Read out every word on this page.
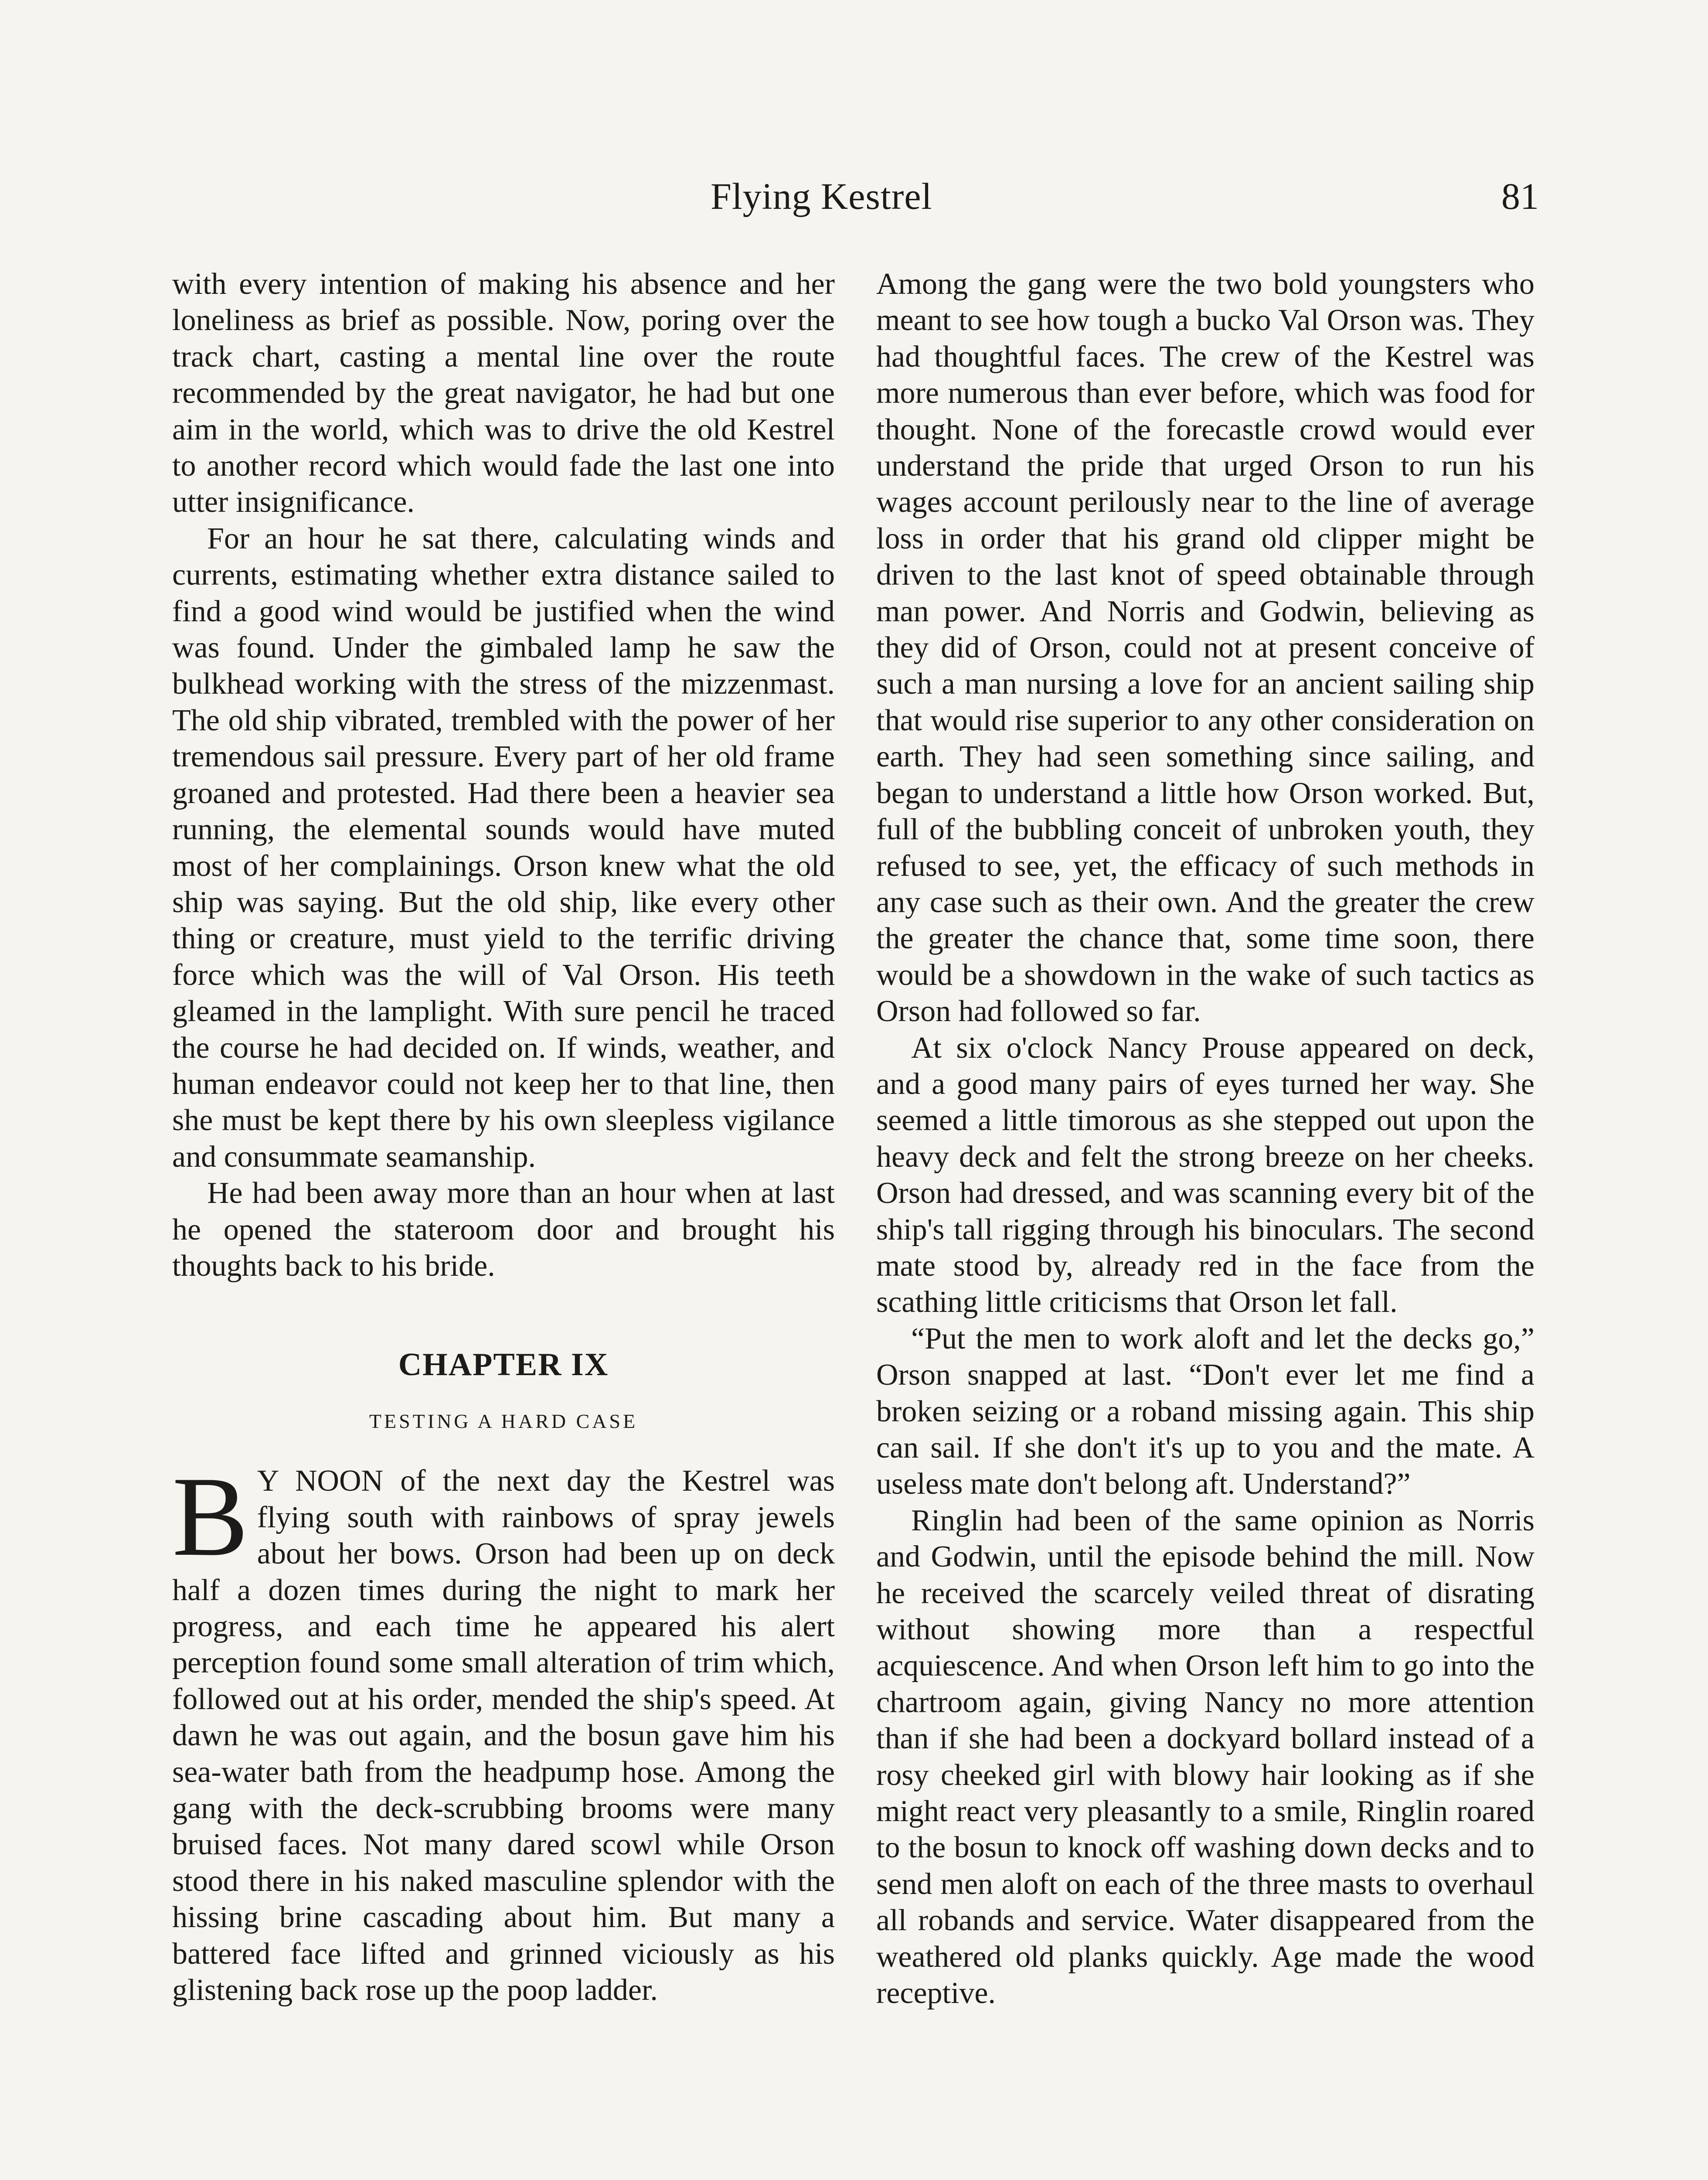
Flying Kestrel	81

with every intention of making his absence and her loneliness as brief as possible. Now, poring over the track chart, casting a mental line over the route recommended by the great navigator, he had but one aim in the world, which was to drive the old Kestrel to another record which would fade the last one into utter insignificance.

For an hour he sat there, calculating winds and currents, estimating whether extra distance sailed to find a good wind would be justified when the wind was found. Under the gimbaled lamp he saw the bulkhead working with the stress of the mizzenmast. The old ship vibrated, trembled with the power of her tremendous sail pressure. Every part of her old frame groaned and protested. Had there been a heavier sea running, the elemental sounds would have muted most of her complainings. Orson knew what the old ship was saying. But the old ship, like every other thing or creature, must yield to the terrific driving force which was the will of Val Orson. His teeth gleamed in the lamplight. With sure pencil he traced the course he had decided on. If winds, weather, and human endeavor could not keep her to that line, then she must be kept there by his own sleepless vigilance and consummate seamanship.

He had been away more than an hour when at last he opened the stateroom door and brought his thoughts back to his bride.

CHAPTER IX
TESTING A HARD CASE

B Y NOON of the next day the Kestrel was flying south with rainbows of spray jewels about her bows. Orson had been up on deck half a dozen times during the night to mark her progress, and each time he appeared his alert perception found some small alteration of trim which, followed out at his order, mended the ship's speed. At dawn he was out again, and the bosun gave him his sea-water bath from the headpump hose. Among the gang with the deck-scrubbing brooms were many bruised faces. Not many dared scowl while Orson stood there in his naked masculine splendor with the hissing brine cascading about him. But many a battered face lifted and grinned viciously as his glistening back rose up the poop ladder.

Among the gang were the two bold youngsters who meant to see how tough a bucko Val Orson was. They had thoughtful faces. The crew of the Kestrel was more numerous than ever before, which was food for thought. None of the forecastle crowd would ever understand the pride that urged Orson to run his wages account perilously near to the line of average loss in order that his grand old clipper might be driven to the last knot of speed obtainable through man power. And Norris and Godwin, believing as they did of Orson, could not at present conceive of such a man nursing a love for an ancient sailing ship that would rise superior to any other consideration on earth. They had seen something since sailing, and began to understand a little how Orson worked. But, full of the bubbling conceit of unbroken youth, they refused to see, yet, the efficacy of such methods in any case such as their own. And the greater the crew the greater the chance that, some time soon, there would be a showdown in the wake of such tactics as Orson had followed so far.

At six o'clock Nancy Prouse appeared on deck, and a good many pairs of eyes turned her way. She seemed a little timorous as she stepped out upon the heavy deck and felt the strong breeze on her cheeks. Orson had dressed, and was scanning every bit of the ship's tall rigging through his binoculars. The second mate stood by, already red in the face from the scathing little criticisms that Orson let fall.

“Put the men to work aloft and let the decks go,” Orson snapped at last. “Don't ever let me find a broken seizing or a roband missing again. This ship can sail. If she don't it's up to you and the mate. A useless mate don't belong aft. Understand?”

Ringlin had been of the same opinion as Norris and Godwin, until the episode behind the mill. Now he received the scarcely veiled threat of disrating without showing more than a respectful acquiescence. And when Orson left him to go into the chartroom again, giving Nancy no more attention than if she had been a dockyard bollard instead of a rosy cheeked girl with blowy hair looking as if she might react very pleasantly to a smile, Ringlin roared to the bosun to knock off washing down decks and to send men aloft on each of the three masts to overhaul all robands and service. Water disappeared from the weathered old planks quickly. Age made the wood receptive.
